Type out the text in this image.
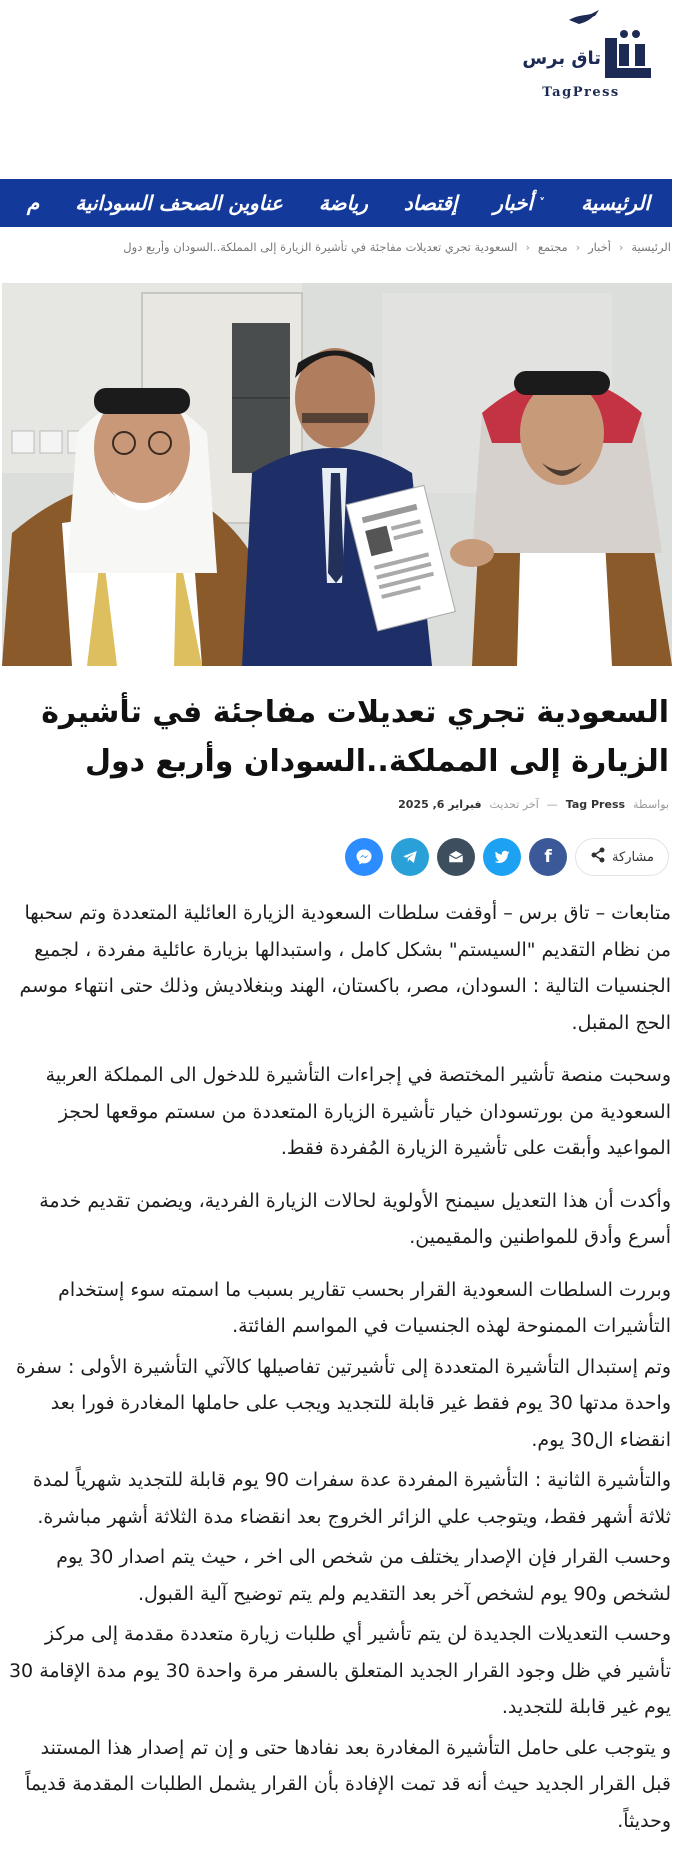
تاق برس
TagPress
الرئيسية
أخبار ˅
إقتصاد
رياضة
عناوين الصحف السودانية
م
الرئيسية
‹
أخبار
‹
مجتمع
‹
السعودية تجري تعديلات مفاجئة في تأشيرة الزيارة إلى المملكة..السودان وأربع دول
السعودية تجري تعديلات مفاجئة في تأشيرة الزيارة إلى المملكة..السودان وأربع دول
بواسطة
Tag Press
—
آخر تحديث
فبراير 6, 2025
مشاركة
f

متابعات – تاق برس – أوقفت سلطات السعودية الزيارة العائلية المتعددة وتم سحبها من نظام التقديم "السيستم" بشكل كامل ، واستبدالها بزيارة عائلية مفردة ، لجميع الجنسيات التالية : السودان، مصر، باكستان، الهند وبنغلاديش وذلك حتى انتهاء موسم الحج المقبل.

وسحبت منصة تأشير المختصة في إجراءات التأشيرة للدخول الى المملكة العربية السعودية من بورتسودان خيار تأشيرة الزيارة المتعددة من سستم موقعها لحجز المواعيد وأبقت على تأشيرة الزيارة المُفردة فقط.

وأكدت أن هذا التعديل سيمنح الأولوية لحالات الزيارة الفردية، ويضمن تقديم خدمة أسرع وأدق للمواطنين والمقيمين.

وبررت السلطات السعودية القرار بحسب تقارير بسبب ما اسمته سوء إستخدام التأشيرات الممنوحة لهذه الجنسيات في المواسم الفائتة.

وتم إستبدال التأشيرة المتعددة إلى تأشيرتين تفاصيلها كالآتي التأشيرة الأولى : سفرة واحدة مدتها 30 يوم فقط غير قابلة للتجديد ويجب على حاملها المغادرة فورا بعد انقضاء ال30 يوم.

والتأشيرة الثانية : التأشيرة المفردة عدة سفرات 90 يوم قابلة للتجديد شهرياً لمدة ثلاثة أشهر فقط، ويتوجب علي الزائر الخروج بعد انقضاء مدة الثلاثة أشهر مباشرة.

وحسب القرار فإن الإصدار يختلف من شخص الى اخر ، حيث يتم اصدار 30 يوم لشخص و90 يوم لشخص آخر بعد التقديم ولم يتم توضيح آلية القبول.

وحسب التعديلات الجديدة لن يتم تأشير أي طلبات زيارة متعددة مقدمة إلى مركز تأشير في ظل وجود القرار الجديد المتعلق بالسفر مرة واحدة 30 يوم مدة الإقامة 30 يوم غير قابلة للتجديد.

و يتوجب على حامل التأشيرة المغادرة بعد نفادها حتى و إن تم إصدار هذا المستند قبل القرار الجديد حيث أنه قد تمت الإفادة بأن القرار يشمل الطلبات المقدمة قديماً وحديثاً.
